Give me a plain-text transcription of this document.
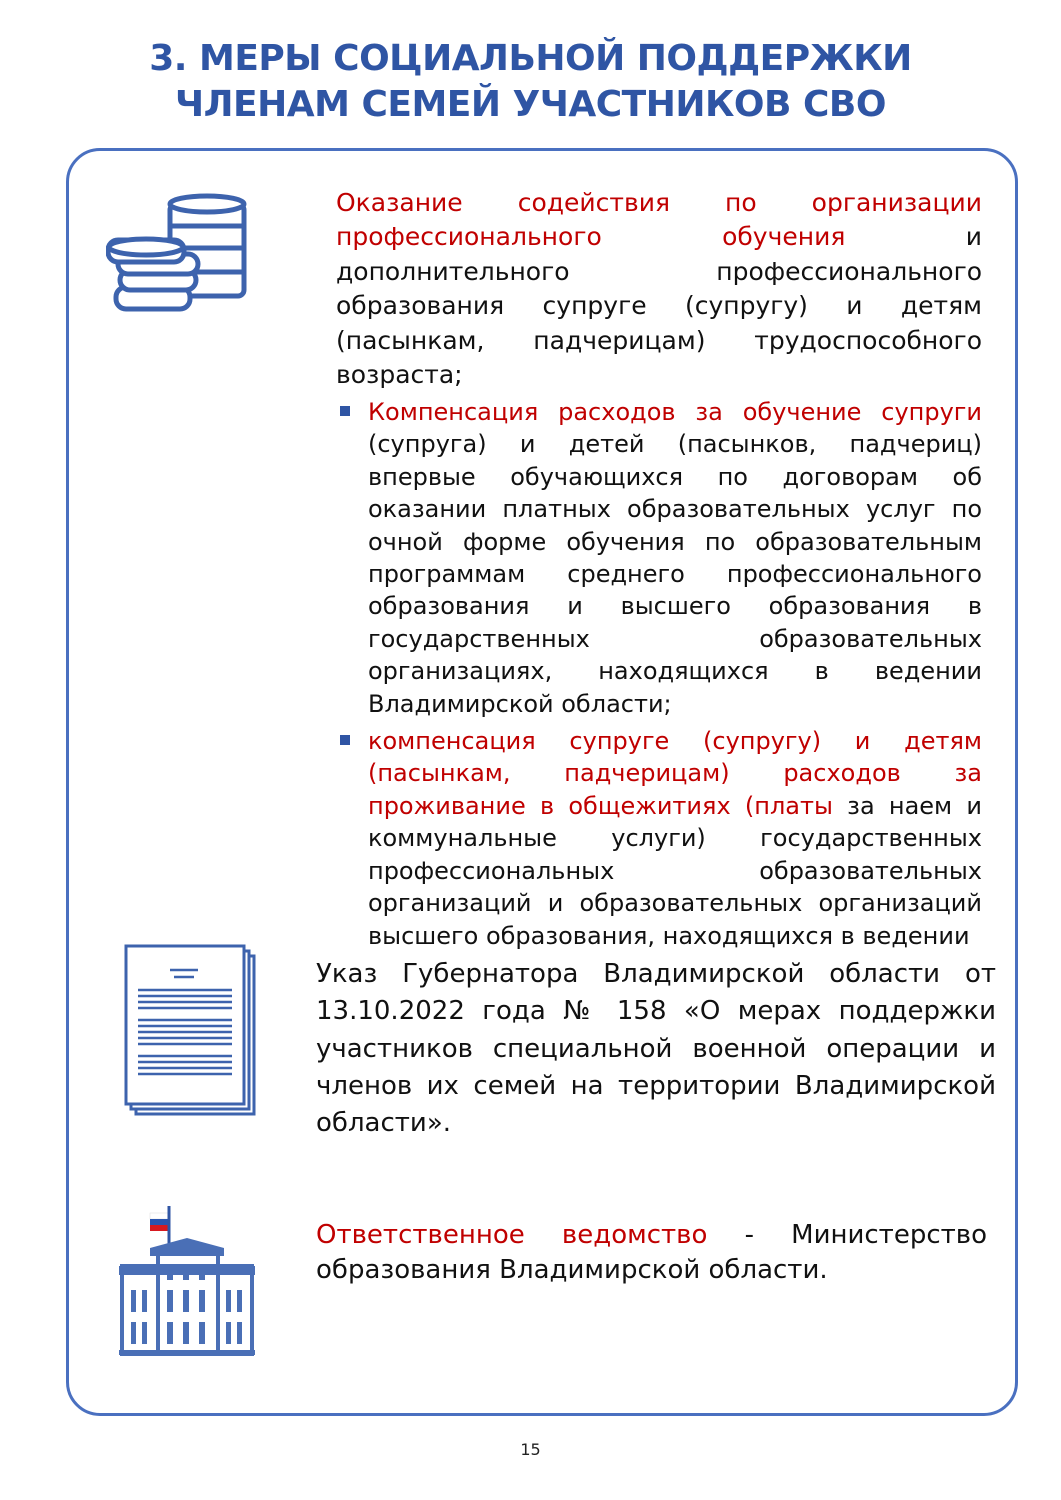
3. МЕРЫ СОЦИАЛЬНОЙ ПОДДЕРЖКИ
ЧЛЕНАМ СЕМЕЙ УЧАСТНИКОВ СВО
Оказание содействия по организации профессионального обучения и дополнительного профессионального образования супруге (супругу) и детям (пасынкам, падчерицам) трудоспособного возраста;
Компенсация расходов за обучение супруги (супруга) и детей (пасынков, падчериц) впервые обучающихся по договорам об оказании платных образовательных услуг по очной форме обучения по образовательным программам среднего профессионального образования и высшего образования в государственных образовательных организациях, находящихся в ведении Владимирской области;
компенсация супруге (супругу) и детям (пасынкам, падчерицам) расходов за проживание в общежитиях (платы за наем и коммунальные услуги) государственных профессиональных образовательных организаций и образовательных организаций высшего образования, находящихся в ведении
Указ Губернатора Владимирской области от 13.10.2022 года № 158 «О мерах поддержки участников специальной военной операции и членов их семей на территории Владимирской области».
Ответственное ведомство - Министерство образования Владимирской области.
15
